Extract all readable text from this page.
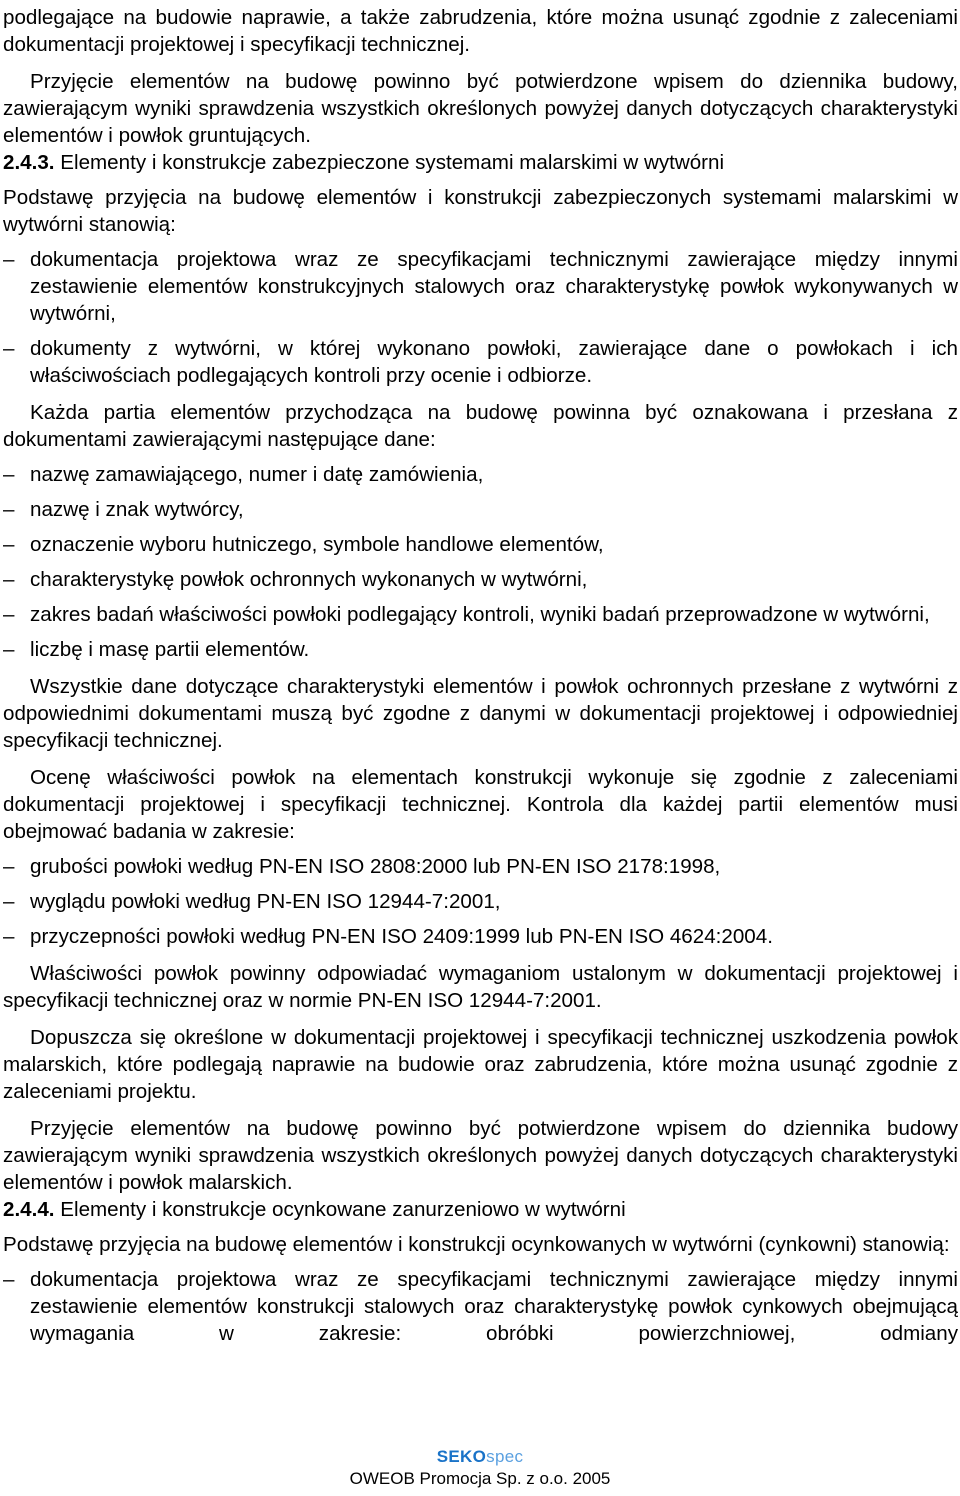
podlegające na budowie naprawie, a także zabrudzenia, które można usunąć zgodnie z zaleceniami dokumentacji projektowej i specyfikacji technicznej.

Przyjęcie elementów na budowę powinno być potwierdzone wpisem do dziennika budowy, zawierającym wyniki sprawdzenia wszystkich określonych powyżej danych dotyczących charakterystyki elementów i powłok gruntujących.

2.4.3. Elementy i konstrukcje zabezpieczone systemami malarskimi w wytwórni

Podstawę przyjęcia na budowę elementów i konstrukcji zabezpieczonych systemami malarskimi w wytwórni stanowią:

– dokumentacja projektowa wraz ze specyfikacjami technicznymi zawierające między innymi zestawienie elementów konstrukcyjnych stalowych oraz charakterystykę powłok wykonywanych w wytwórni,
– dokumenty z wytwórni, w której wykonano powłoki, zawierające dane o powłokach i ich właściwościach podlegających kontroli przy ocenie i odbiorze.

Każda partia elementów przychodząca na budowę powinna być oznakowana i przesłana z dokumentami zawierającymi następujące dane:

– nazwę zamawiającego, numer i datę zamówienia,
– nazwę i znak wytwórcy,
– oznaczenie wyboru hutniczego, symbole handlowe elementów,
– charakterystykę powłok ochronnych wykonanych w wytwórni,
– zakres badań właściwości powłoki podlegający kontroli, wyniki badań przeprowadzone w wytwórni,
– liczbę i masę partii elementów.

Wszystkie dane dotyczące charakterystyki elementów i powłok ochronnych przesłane z wytwórni z odpowiednimi dokumentami muszą być zgodne z danymi w dokumentacji projektowej i odpowiedniej specyfikacji technicznej.

Ocenę właściwości powłok na elementach konstrukcji wykonuje się zgodnie z zaleceniami dokumentacji projektowej i specyfikacji technicznej. Kontrola dla każdej partii elementów musi obejmować badania w zakresie:

– grubości powłoki według PN-EN ISO 2808:2000 lub PN-EN ISO 2178:1998,
– wyglądu powłoki według PN-EN ISO 12944-7:2001,
– przyczepności powłoki według PN-EN ISO 2409:1999 lub PN-EN ISO 4624:2004.

Właściwości powłok powinny odpowiadać wymaganiom ustalonym w dokumentacji projektowej i specyfikacji technicznej oraz w normie PN-EN ISO 12944-7:2001.

Dopuszcza się określone w dokumentacji projektowej i specyfikacji technicznej uszkodzenia powłok malarskich, które podlegają naprawie na budowie oraz zabrudzenia, które można usunąć zgodnie z zaleceniami projektu.

Przyjęcie elementów na budowę powinno być potwierdzone wpisem do dziennika budowy zawierającym wyniki sprawdzenia wszystkich określonych powyżej danych dotyczących charakterystyki elementów i powłok malarskich.

2.4.4. Elementy i konstrukcje ocynkowane zanurzeniowo w wytwórni

Podstawę przyjęcia na budowę elementów i konstrukcji ocynkowanych w wytwórni (cynkowni) stanowią:

– dokumentacja projektowa wraz ze specyfikacjami technicznymi zawierające między innymi zestawienie elementów konstrukcji stalowych oraz charakterystykę powłok cynkowych obejmującą wymagania w zakresie: obróbki powierzchniowej, odmiany
SEKOspec
OWEOB Promocja Sp. z o.o. 2005
